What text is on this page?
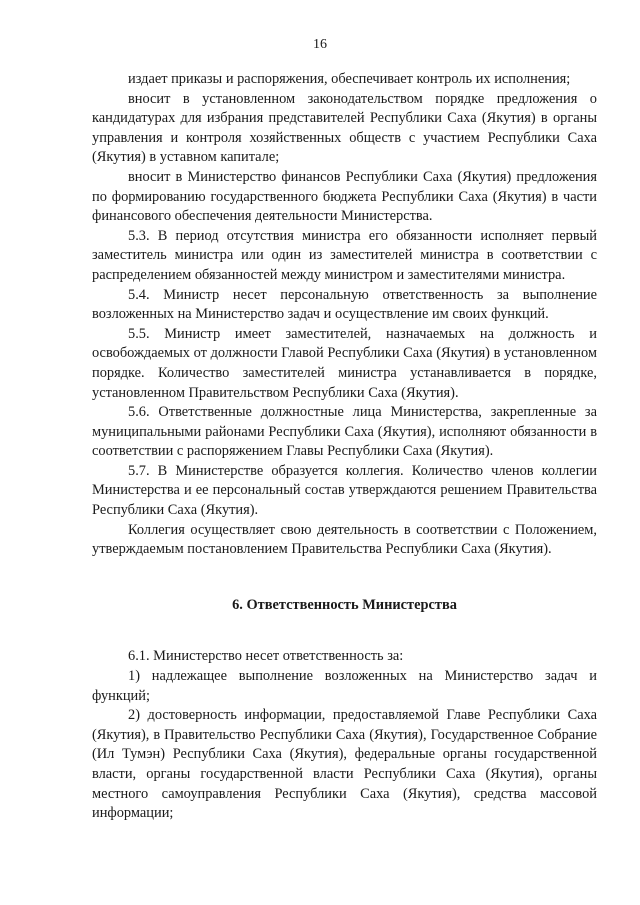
16

издает приказы и распоряжения, обеспечивает контроль их исполнения;

вносит в установленном законодательством порядке предложения о кандидатурах для избрания представителей Республики Саха (Якутия) в органы управления и контроля хозяйственных обществ с участием Республики Саха (Якутия) в уставном капитале;

вносит в Министерство финансов Республики Саха (Якутия) предложения по формированию государственного бюджета Республики Саха (Якутия) в части финансового обеспечения деятельности Министерства.

5.3. В период отсутствия министра его обязанности исполняет первый заместитель министра или один из заместителей министра в соответствии с распределением обязанностей между министром и заместителями министра.

5.4. Министр несет персональную ответственность за выполнение возложенных на Министерство задач и осуществление им своих функций.

5.5. Министр имеет заместителей, назначаемых на должность и освобождаемых от должности Главой Республики Саха (Якутия) в установленном порядке. Количество заместителей министра устанавливается в порядке, установленном Правительством Республики Саха (Якутия).

5.6. Ответственные должностные лица Министерства, закрепленные за муниципальными районами Республики Саха (Якутия), исполняют обязанности в соответствии с распоряжением Главы Республики Саха (Якутия).

5.7. В Министерстве образуется коллегия. Количество членов коллегии Министерства и ее персональный состав утверждаются решением Правительства Республики Саха (Якутия).

Коллегия осуществляет свою деятельность в соответствии с Положением, утверждаемым постановлением Правительства Республики Саха (Якутия).

6. Ответственность Министерства

6.1. Министерство несет ответственность за:

1) надлежащее выполнение возложенных на Министерство задач и функций;

2) достоверность информации, предоставляемой Главе Республики Саха (Якутия), в Правительство Республики Саха (Якутия), Государственное Собрание (Ил Тумэн) Республики Саха (Якутия), федеральные органы государственной власти, органы государственной власти Республики Саха (Якутия), органы местного самоуправления Республики Саха (Якутия), средства массовой информации;
